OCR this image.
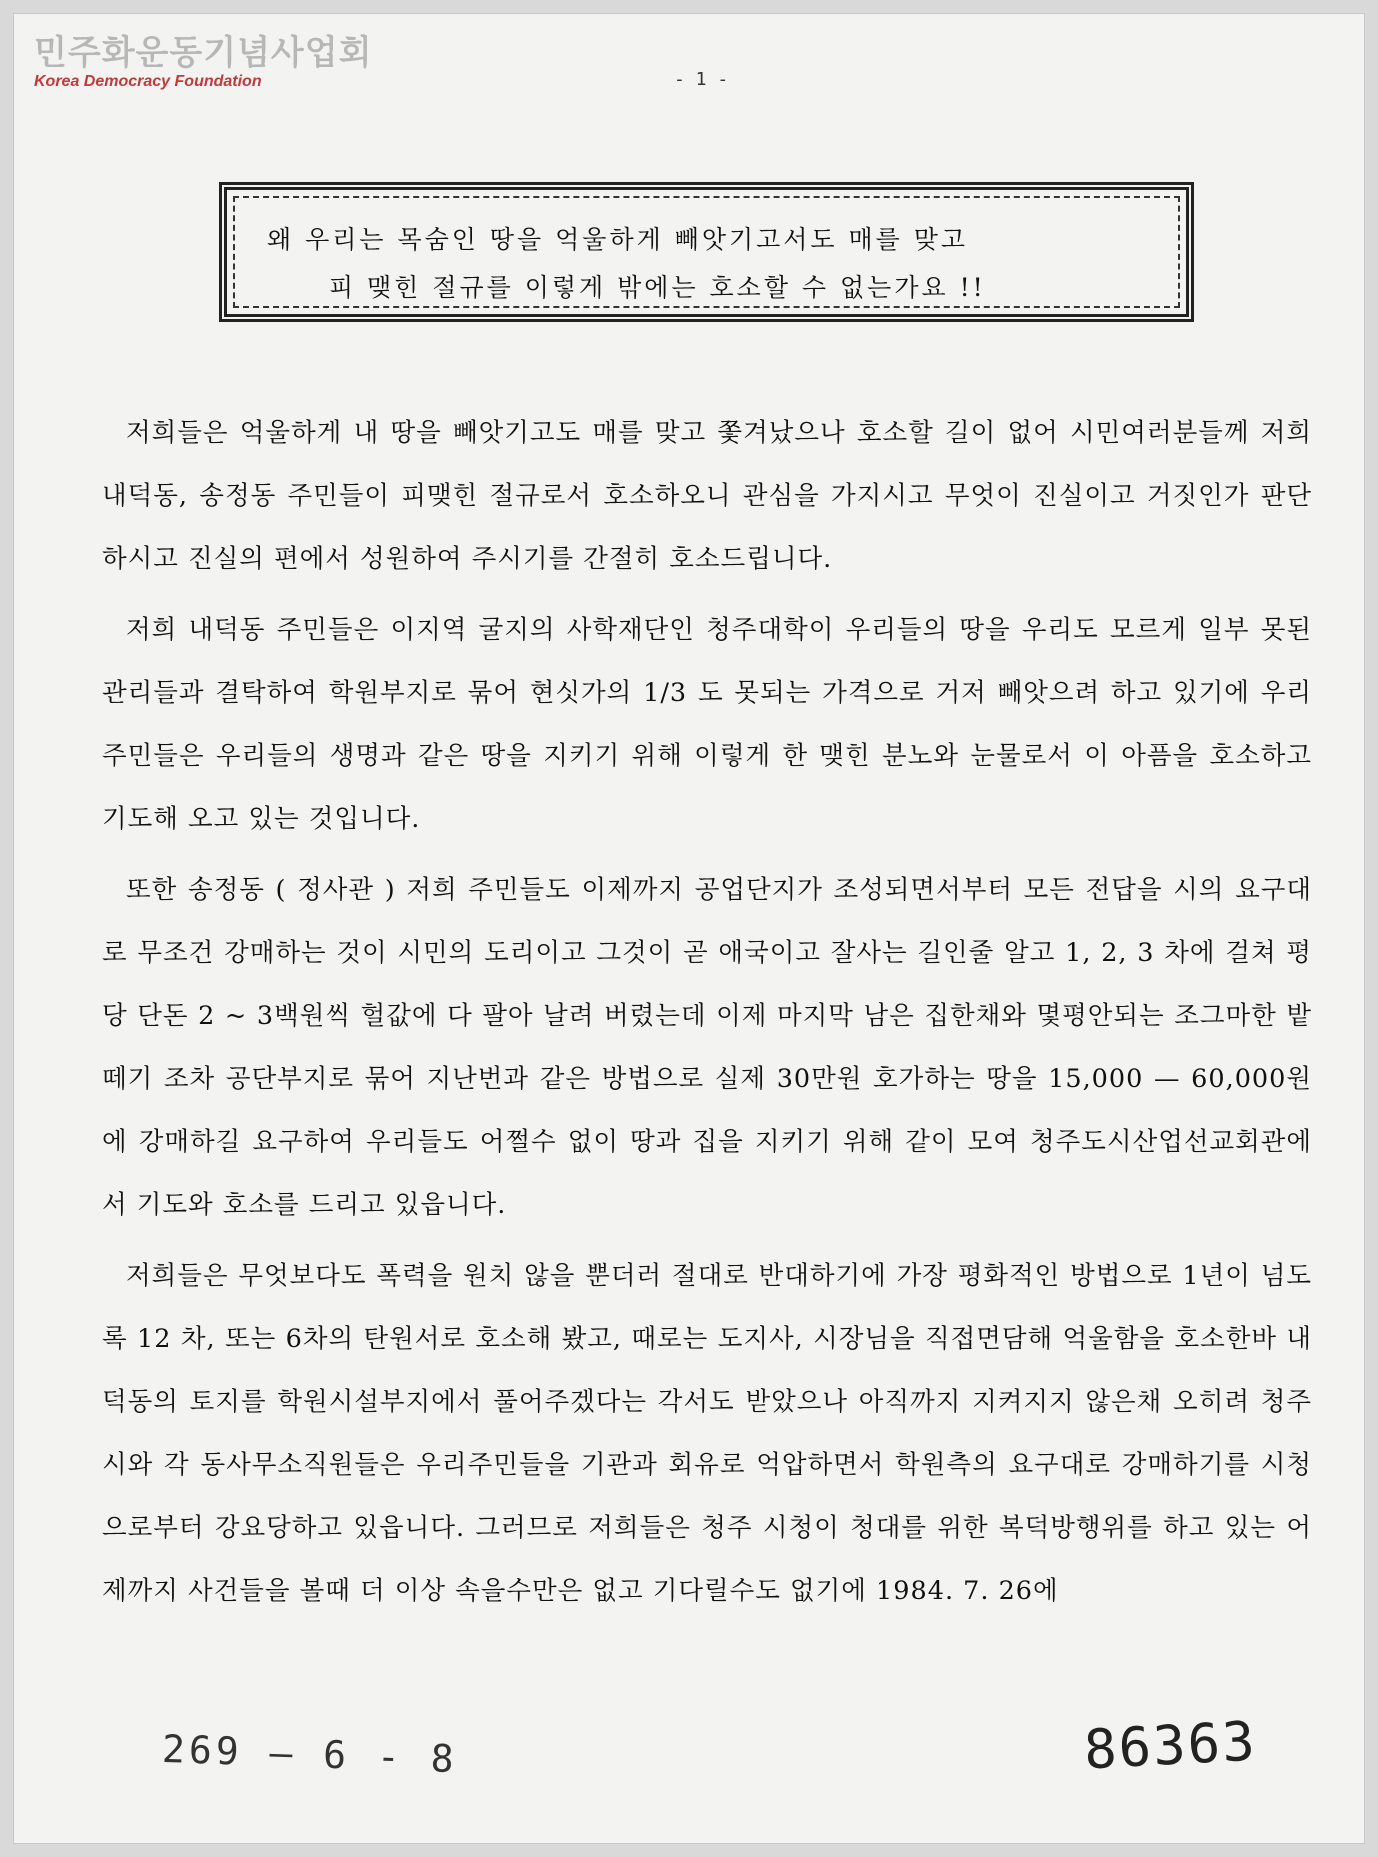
민주화운동기념사업회
Korea Democracy Foundation	- 1 -
왜 우리는 목숨인 땅을 억울하게 빼앗기고서도 매를 맞고
피 맺힌 절규를 이렇게 밖에는 호소할 수 없는가요 !!

저희들은 억울하게 내 땅을 빼앗기고도 매를 맞고 쫓겨났으나 호소할 길이 없어 시민여러분들께 저희 내덕동, 송정동 주민들이 피맺힌 절규로서 호소하오니 관심을 가지시고 무엇이 진실이고 거짓인가 판단하시고 진실의 편에서 성원하여 주시기를 간절히 호소드립니다.

저희 내덕동 주민들은 이지역 굴지의 사학재단인 청주대학이 우리들의 땅을 우리도 모르게 일부 못된 관리들과 결탁하여 학원부지로 묶어 현싯가의 1/3 도 못되는 가격으로 거저 빼앗으려 하고 있기에 우리주민들은 우리들의 생명과 같은 땅을 지키기 위해 이렇게 한 맺힌 분노와 눈물로서 이 아픔을 호소하고 기도해 오고 있는 것입니다.

또한 송정동 ( 정사관 ) 저희 주민들도 이제까지 공업단지가 조성되면서부터 모든 전답을 시의 요구대로 무조건 강매하는 것이 시민의 도리이고 그것이 곧 애국이고 잘사는 길인줄 알고 1, 2, 3 차에 걸쳐 평당 단돈 2 ~ 3백원씩 헐값에 다 팔아 날려 버렸는데 이제 마지막 남은 집한채와 몇평안되는 조그마한 밭떼기 조차 공단부지로 묶어 지난번과 같은 방법으로 실제 30만원 호가하는 땅을 15,000 — 60,000원에 강매하길 요구하여 우리들도 어쩔수 없이 땅과 집을 지키기 위해 같이 모여 청주도시산업선교회관에서 기도와 호소를 드리고 있읍니다.

저희들은 무엇보다도 폭력을 원치 않을 뿐더러 절대로 반대하기에 가장 평화적인 방법으로 1년이 넘도록 12 차, 또는 6차의 탄원서로 호소해 봤고, 때로는 도지사, 시장님을 직접면담해 억울함을 호소한바 내덕동의 토지를 학원시설부지에서 풀어주겠다는 각서도 받았으나 아직까지 지켜지지 않은채 오히려 청주시와 각 동사무소직원들은 우리주민들을 기관과 회유로 억압하면서 학원측의 요구대로 강매하기를 시청으로부터 강요당하고 있읍니다. 그러므로 저희들은 청주 시청이 청대를 위한 복덕방행위를 하고 있는 어제까지 사건들을 볼때 더 이상 속을수만은 없고 기다릴수도 없기에 1984. 7. 26에

269 — 6 - 8	86363
